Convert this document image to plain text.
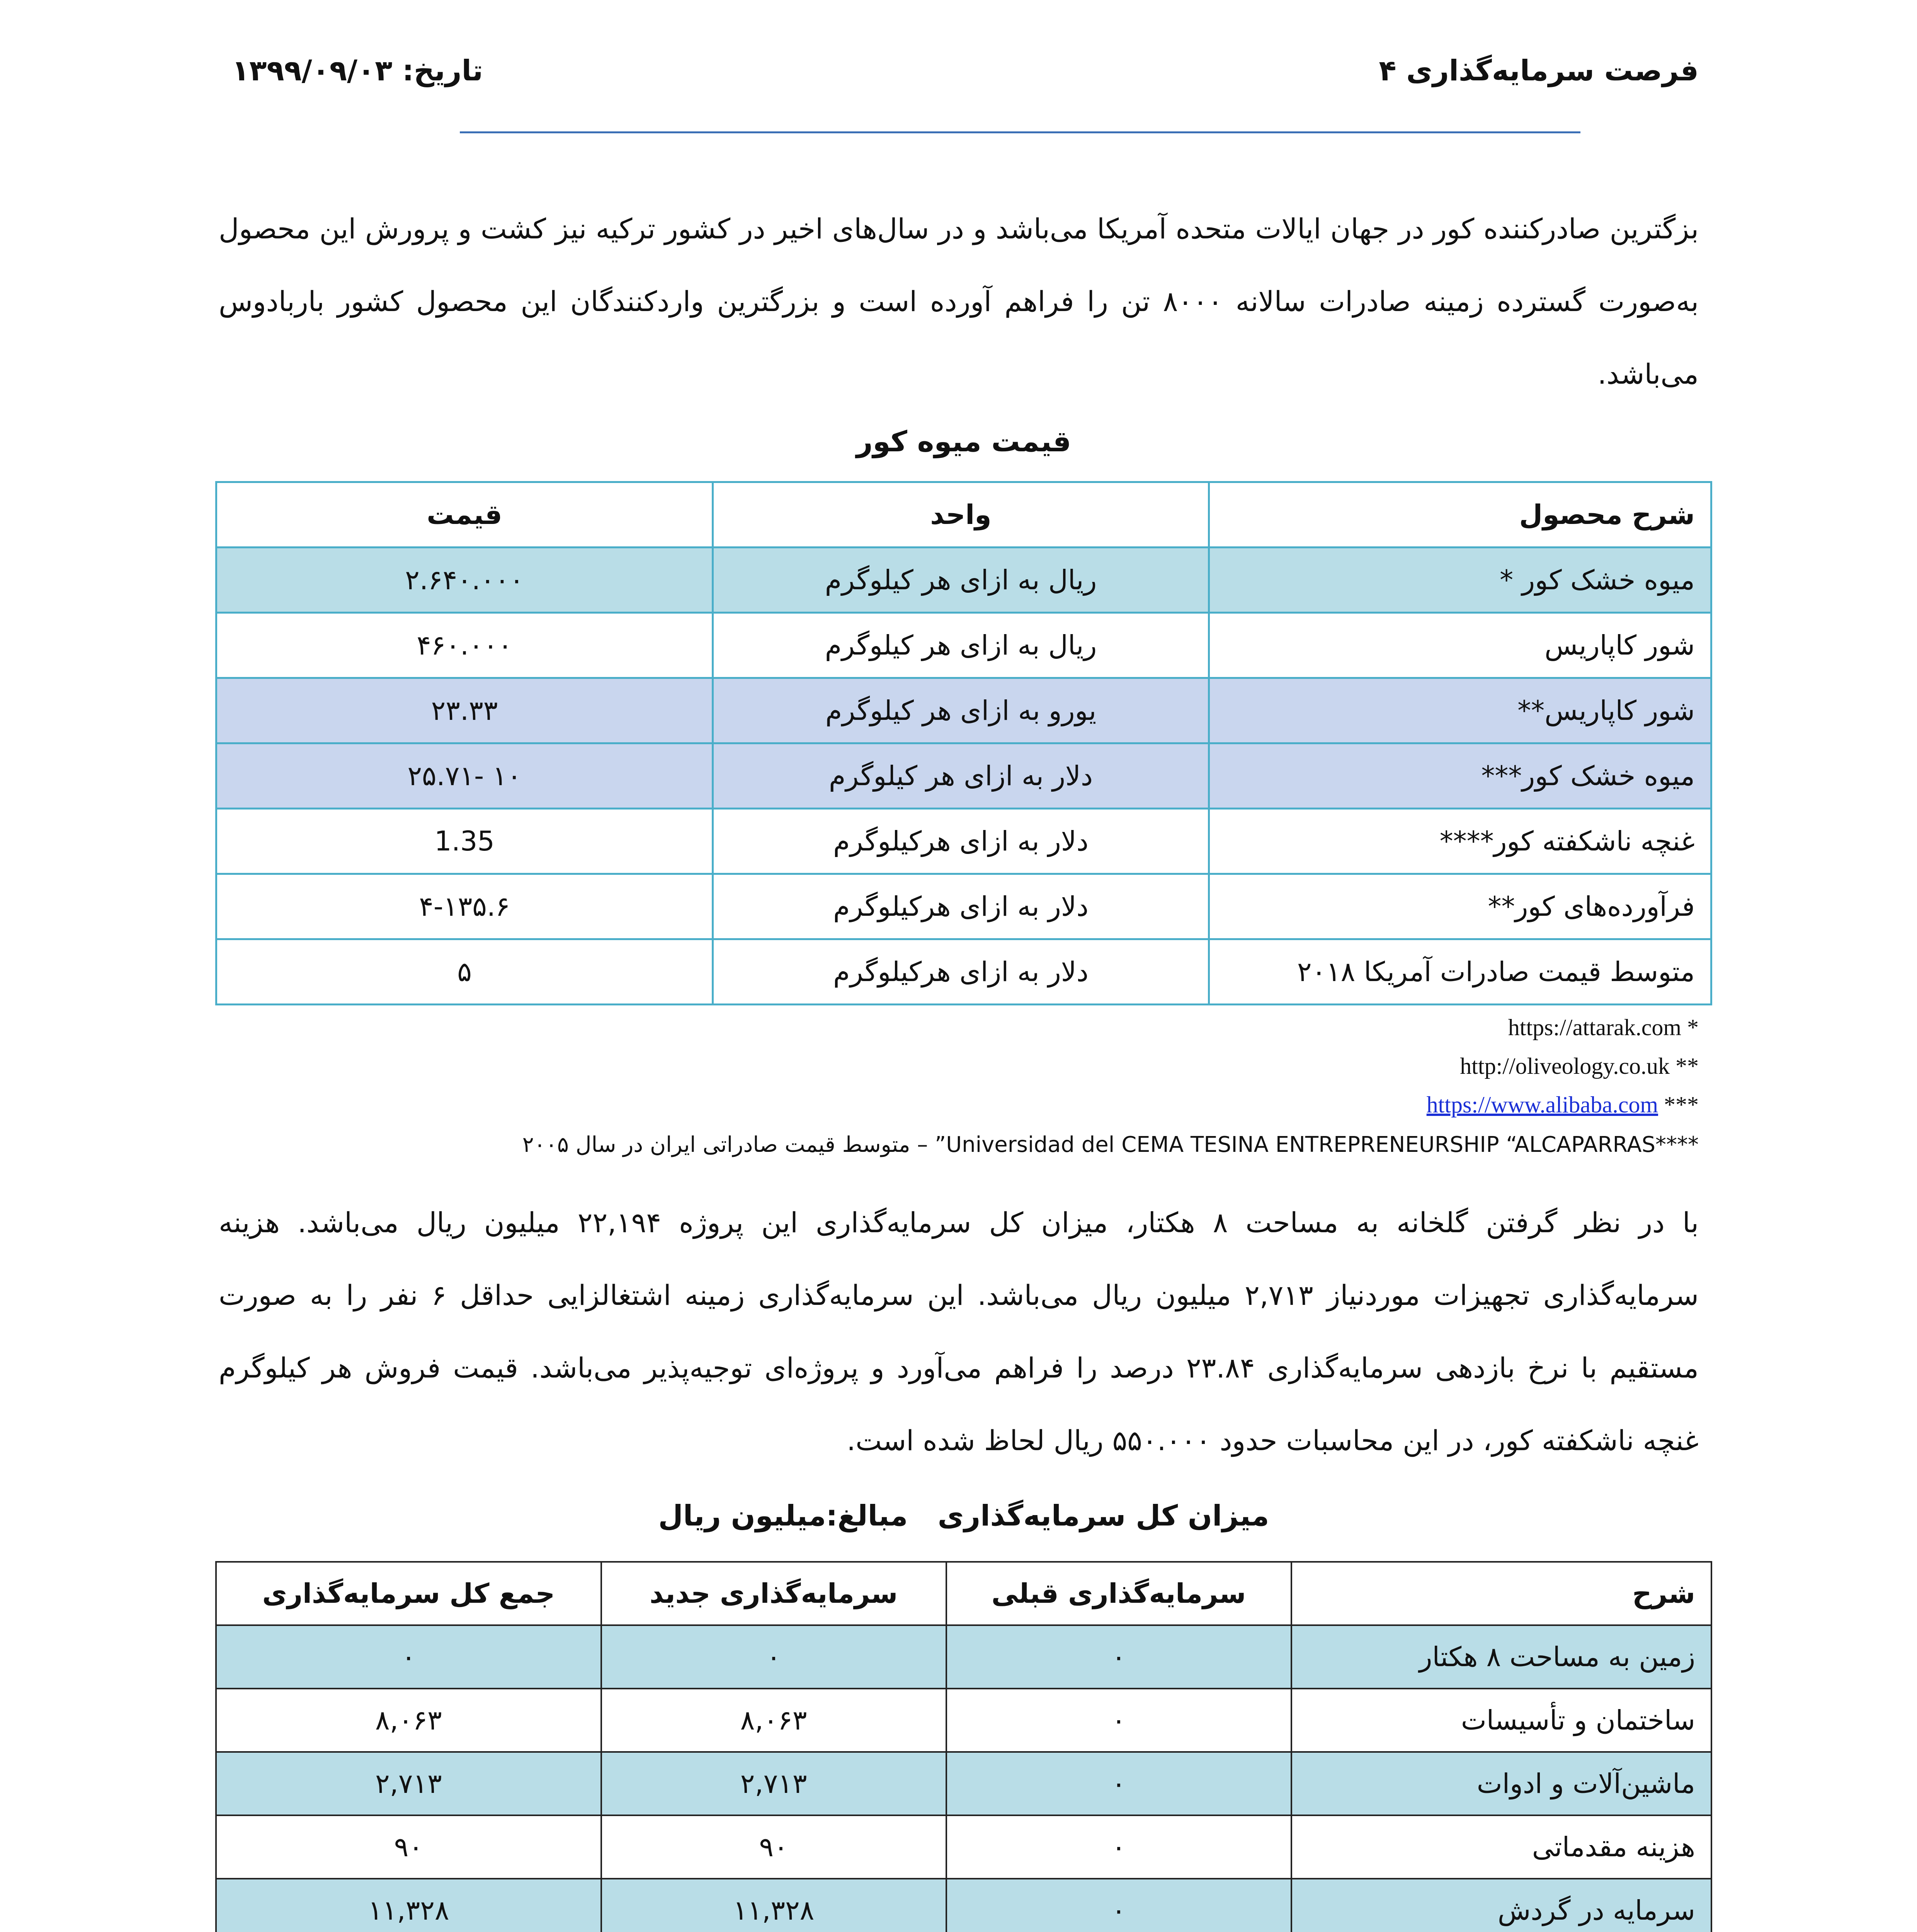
فرصت سرمایه‌گذاری ۴
تاریخ: ۱۳۹۹/۰۹/۰۳
بزگترین صادرکننده کور در جهان ایالات متحده آمریکا می‌باشد و در سال‌های اخیر در کشور ترکیه نیز کشت و پرورش این محصول به‌صورت گسترده زمینه صادرات سالانه ۸۰۰۰ تن را فراهم آورده است و بزرگترین واردکنندگان این محصول کشور باربادوس می‌باشد.
قیمت میوه کور
شرح محصول	واحد	قیمت
میوه خشک کور *	ریال به ازای هر کیلوگرم	۲.۶۴۰.۰۰۰
شور کاپاریس	ریال به ازای هر کیلوگرم	۴۶۰.۰۰۰
شور کاپاریس**	یورو به ازای هر کیلوگرم	۲۳.۳۳
میوه خشک کور***	دلار به ازای هر کیلوگرم	۱۰ -۲۵.۷۱
غنچه ناشکفته کور****	دلار به ازای هرکیلوگرم	1.35
فرآورده‌های کور**	دلار به ازای هرکیلوگرم	۴-۱۳۵.۶
متوسط قیمت صادرات آمریکا ۲۰۱۸	دلار به ازای هرکیلوگرم	۵
https://attarak.com *
http://oliveology.co.uk **
https://www.alibaba.com ***
****Universidad del CEMA TESINA ENTREPRENEURSHIP “ALCAPARRAS” – متوسط قیمت صادراتی ایران در سال ۲۰۰۵
با در نظر گرفتن گلخانه به مساحت ۸ هکتار، میزان کل سرمایه‌گذاری این پروژه ۲۲,۱۹۴ میلیون ریال می‌باشد. هزینه سرمایه‌گذاری تجهیزات موردنیاز ۲,۷۱۳ میلیون ریال می‌باشد. این سرمایه‌گذاری زمینه اشتغالزایی حداقل ۶ نفر را به صورت مستقیم با نرخ بازدهی سرمایه‌گذاری ۲۳.۸۴ درصد را فراهم می‌آورد و پروژه‌ای توجیه‌پذیر می‌باشد. قیمت فروش هر کیلوگرم غنچه ناشکفته کور، در این محاسبات حدود ۵۵۰.۰۰۰ ریال لحاظ شده است.
میزان کل سرمایه‌گذاری   مبالغ:میلیون ریال
شرح	سرمایه‌گذاری قبلی	سرمایه‌گذاری جدید	جمع کل سرمایه‌گذاری
زمین به مساحت ۸ هکتار	۰	۰	۰
ساختمان و تأسیسات	۰	۸,۰۶۳	۸,۰۶۳
ماشین‌آلات و ادوات	۰	۲,۷۱۳	۲,۷۱۳
هزینه مقدماتی	۰	۹۰	۹۰
سرمایه در گردش	۰	۱۱,۳۲۸	۱۱,۳۲۸
